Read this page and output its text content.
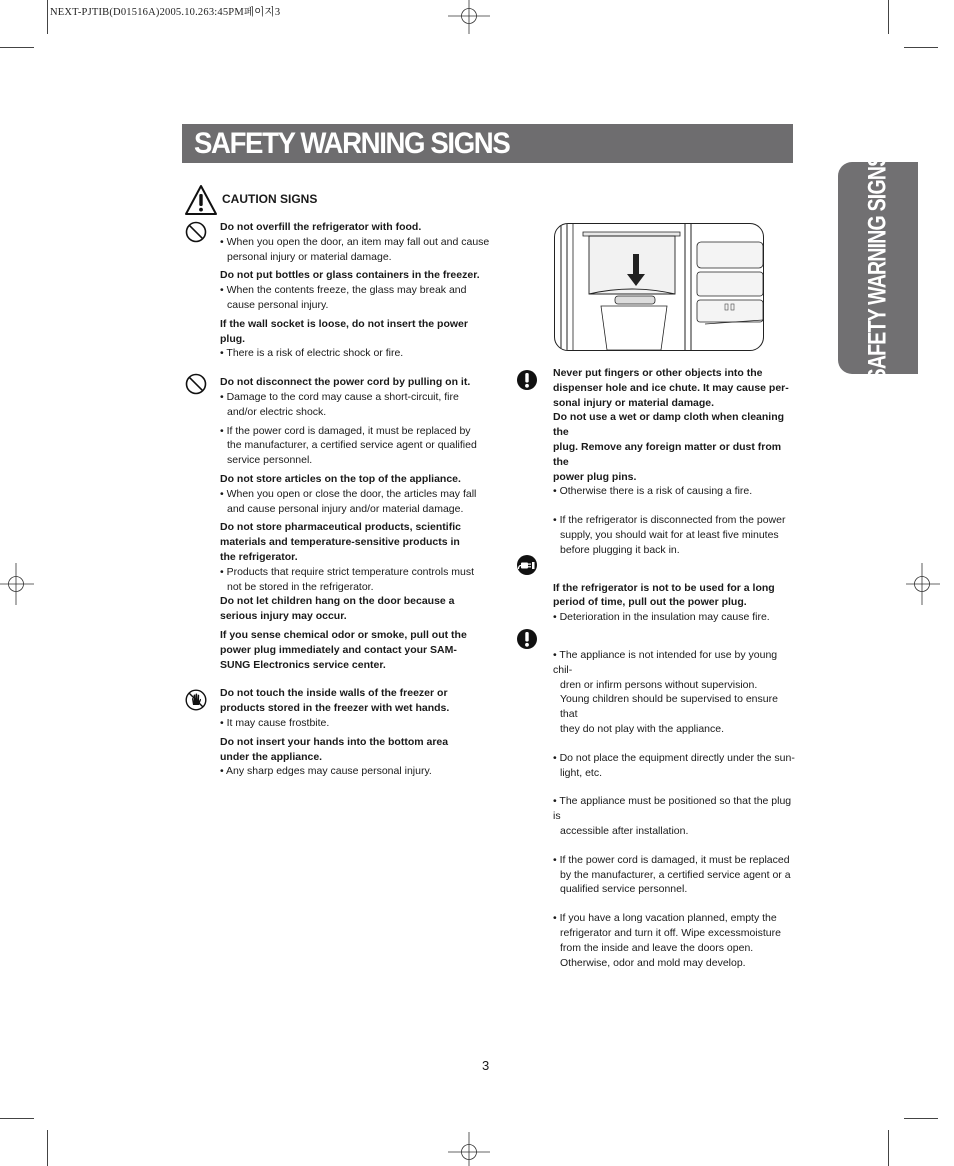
NEXT-PJTIB(D01516A)2005.10.263:45PM페이지3
SAFETY WARNING SIGNS
SAFETY WARNING SIGNS
CAUTION SIGNS

Do not overfill the refrigerator with food.

• When you open the door, an item may fall out and cause

personal injury or material damage.

Do not put bottles or glass containers in the freezer.

• When the contents freeze, the glass may break and

cause personal injury.

If the wall socket is loose, do not insert the power

plug.

• There is a risk of electric shock or fire.

Do not disconnect the power cord by pulling on it.

• Damage to the cord may cause a short-circuit, fire

and/or electric shock.

• If the power cord is damaged, it must be replaced by

the manufacturer, a certified service agent or qualified

service personnel.

Do not store articles on the top of the appliance.

• When you open or close the door, the articles may fall

and cause personal injury and/or material damage.

Do not store pharmaceutical products, scientific

materials and temperature-sensitive products in

the refrigerator.

• Products that require strict temperature controls must

not be stored in the refrigerator.

Do not let children hang on the door because a

serious injury may occur.

If you sense chemical odor or smoke, pull out the

power plug immediately and contact your SAM-

SUNG Electronics service center.

Do not touch the inside walls of the freezer or

products stored in the freezer with wet hands.

• It may cause frostbite.

Do not insert your hands into the bottom area

under the appliance.

• Any sharp edges may cause personal injury.

Never put fingers or other objects into the

dispenser hole and ice chute. It may cause per-

sonal injury or material damage.

Do not use a wet or damp cloth when cleaning the

plug. Remove any foreign matter or dust from the

power plug pins.

• Otherwise there is a risk of causing a fire.

• If the refrigerator is disconnected from the power

supply, you should wait for at least five minutes

before plugging it back in.

If the refrigerator is not to be used for a long

period of time, pull out the power plug.

• Deterioration in the insulation may cause fire.

• The appliance is not intended for use by young chil-

dren or infirm persons without supervision.

Young children should be supervised to ensure that

they do not play with the appliance.

• Do not place the equipment directly under the sun-

light, etc.

• The appliance must be positioned so that the plug is

accessible after installation.

• If the power cord is damaged, it must be replaced

by the manufacturer, a certified service agent or a

qualified service personnel.

• If you have a long vacation planned, empty the

refrigerator and turn it off. Wipe excessmoisture

from the inside and leave the doors open.

Otherwise, odor and mold may develop.

3
